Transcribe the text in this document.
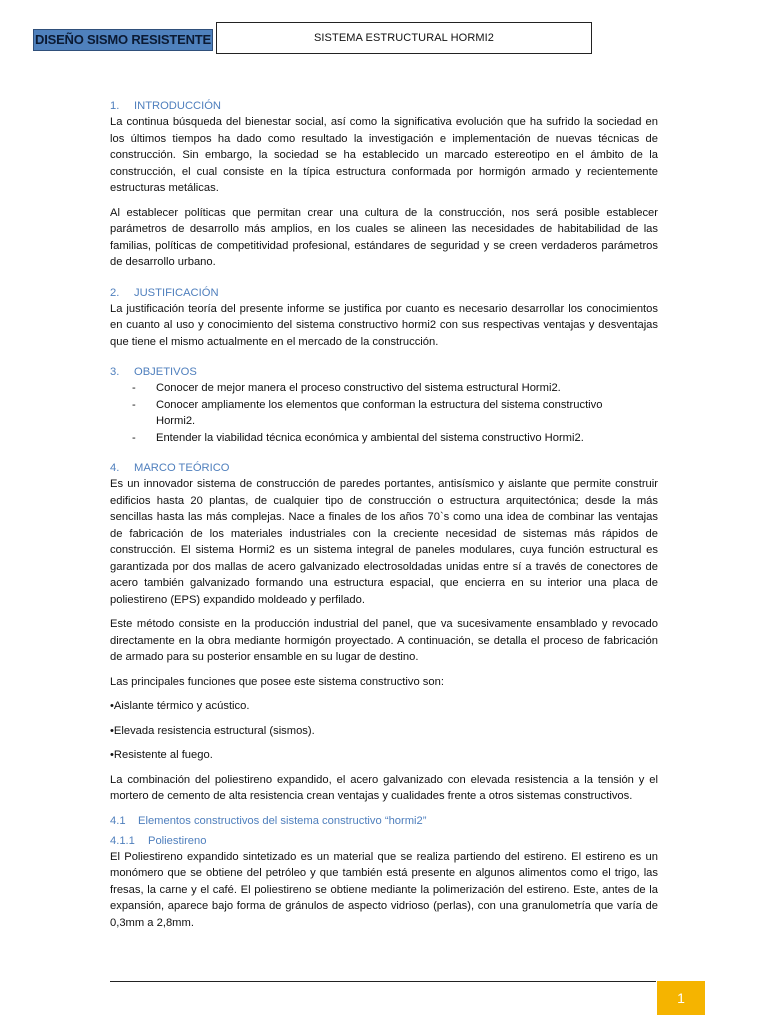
DISEÑO SISMO RESISTENTE	SISTEMA ESTRUCTURAL HORMI2
1. INTRODUCCIÓN

La continua búsqueda del bienestar social, así como la significativa evolución que ha sufrido la sociedad en los últimos tiempos ha dado como resultado la investigación e implementación de nuevas técnicas de construcción. Sin embargo, la sociedad se ha establecido un marcado estereotipo en el ámbito de la construcción, el cual consiste en la típica estructura conformada por hormigón armado y recientemente estructuras metálicas.

Al establecer políticas que permitan crear una cultura de la construcción, nos será posible establecer parámetros de desarrollo más amplios, en los cuales se alineen las necesidades de habitabilidad de las familias, políticas de competitividad profesional, estándares de seguridad y se creen verdaderos parámetros de desarrollo urbano.

2. JUSTIFICACIÓN

La justificación teoría del presente informe se justifica por cuanto es necesario desarrollar los conocimientos en cuanto al uso y conocimiento del sistema constructivo hormi2 con sus respectivas ventajas y desventajas que tiene el mismo actualmente en el mercado de la construcción.

3. OBJETIVOS
- Conocer de mejor manera el proceso constructivo del sistema estructural Hormi2.
- Conocer ampliamente los elementos que conforman la estructura del sistema constructivo Hormi2.
- Entender la viabilidad técnica económica y ambiental del sistema constructivo Hormi2.
4. MARCO TEÓRICO

Es un innovador sistema de construcción de paredes portantes, antisísmico y aislante que permite construir edificios hasta 20 plantas, de cualquier tipo de construcción o estructura arquitectónica; desde la más sencillas hasta las más complejas. Nace a finales de los años 70`s como una idea de combinar las ventajas de fabricación de los materiales industriales con la creciente necesidad de sistemas más rápidos de construcción. El sistema Hormi2 es un sistema integral de paneles modulares, cuya función estructural es garantizada por dos mallas de acero galvanizado electrosoldadas unidas entre sí a través de conectores de acero también galvanizado formando una estructura espacial, que encierra en su interior una placa de poliestireno (EPS) expandido moldeado y perfilado.

Este método consiste en la producción industrial del panel, que va sucesivamente ensamblado y revocado directamente en la obra mediante hormigón proyectado. A continuación, se detalla el proceso de fabricación de armado para su posterior ensamble en su lugar de destino.

Las principales funciones que posee este sistema constructivo son:

•Aislante térmico y acústico.

•Elevada resistencia estructural (sismos).

•Resistente al fuego.

La combinación del poliestireno expandido, el acero galvanizado con elevada resistencia a la tensión y el mortero de cemento de alta resistencia crean ventajas y cualidades frente a otros sistemas constructivos.

4.1 Elementos constructivos del sistema constructivo “hormi2”
4.1.1 Poliestireno

El Poliestireno expandido sintetizado es un material que se realiza partiendo del estireno. El estireno es un monómero que se obtiene del petróleo y que también está presente en algunos alimentos como el trigo, las fresas, la carne y el café. El poliestireno se obtiene mediante la polimerización del estireno. Este, antes de la expansión, aparece bajo forma de gránulos de aspecto vidrioso (perlas), con una granulometría que varía de 0,3mm a 2,8mm.

1
